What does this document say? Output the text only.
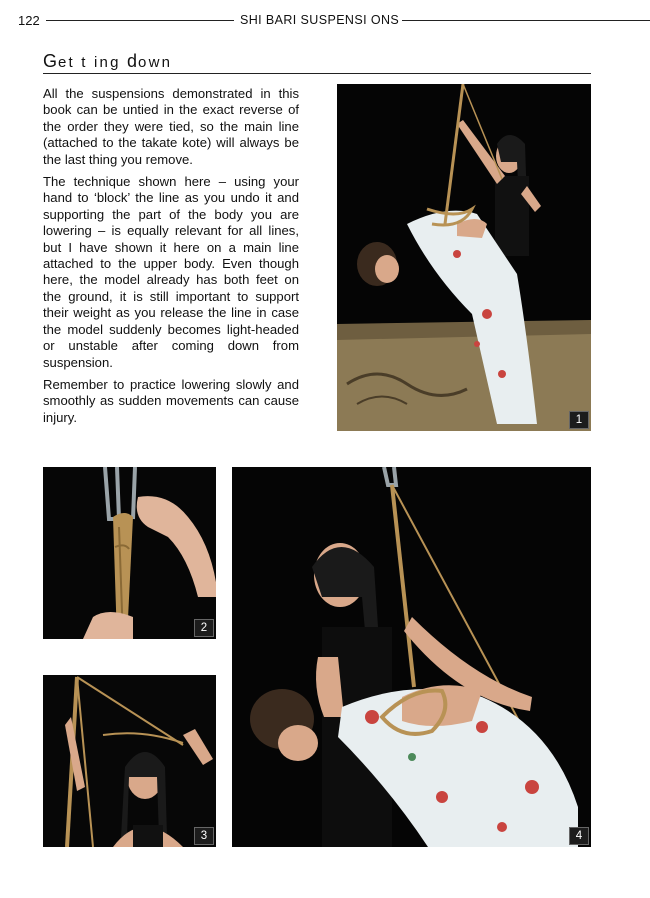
122	SHI BARI SUSPENSI ONS
Get t ing down

All the suspensions demonstrated in this book can be untied in the exact reverse of the order they were tied, so the main line (attached to the takate kote) will always be the last thing you remove.

The technique shown here – using your hand to ‘block’ the line as you undo it and supporting the part of the body you are lowering – is equally relevant for all lines, but I have shown it here on a main line attached to the upper body. Even though here, the model already has both feet on the ground, it is still important to support their weight as you release the line in case the model suddenly becomes light-headed or unstable after coming down from suspension.

Remember to practice lowering slowly and smoothly as sudden movements can cause injury.	1
2
3	4
